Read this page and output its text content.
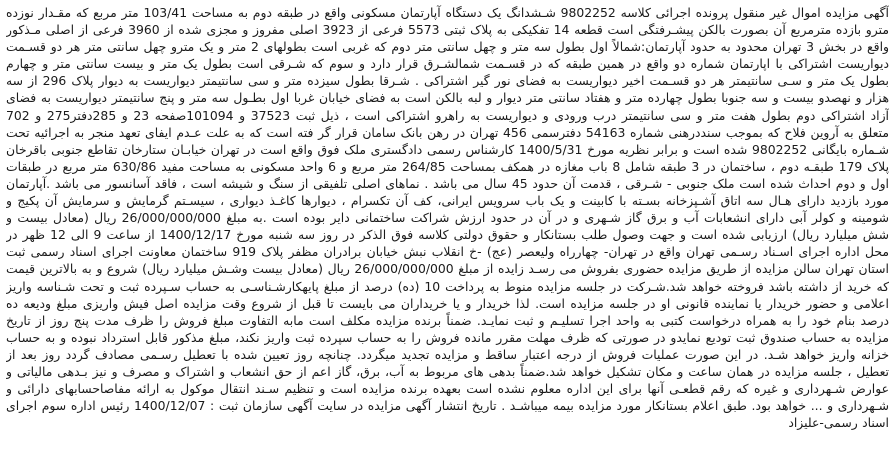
آگهی مزایده اموال غیر منقول پرونده اجرائی کلاسه 9802252 شـشدانگ یک دستگاه آپارتمان مسکونی واقع در طبقه دوم به مساحت 103/41 متر مربع که مقـدار نوزده مترو بازده مترمربع آن بصورت بالکن پیشـرفتگی است قطعه 14 تفکیکی به پلاک ثبتی 5573 فرعی از 3923 اصلی مفروز و مجزی شده از 3960 فرعی از اصلی مـذکور واقع در بخش 3 تهران محدود به حدود آپارتمان:شمالاً اول بطول سه متر و چهل سانتی متر دوم که غربی است بطولهای 2 متر و یک مترو چهل سانتی متر هر دو قسـمت دیواریست اشتراکی با اپارتمان شماره دو واقع در همین طبقه که در قسـمت شمالشـرق قرار دارد و سوم که شـرقی است بطول یک متر و بیست سانتی متر و چهارم بطول یک متر و سـی سانتیمتر هر دو قسـمت اخیر دیواریست به فضای نور گیر اشتراکی . شـرقا بطول سیزده متر و سی سانتیمتر دیواریست به دیوار پلاک 296 از سه هزار و نهصدو بیست و سه جنوبا بطول چهارده متر و هفتاد سانتی متر دیوار و لبه بالکن است به فضای خیابان غربا اول بطـول سه متر و پنج سانتیمتر دیواریست به فضای آزاد اشتراکی دوم بطول هفت متر و سی سانتیمتر درب ورودی و دیواریست به راهرو اشتراکی است ، ذیل ثبت 37523 و 101094صفحه 23 و 285دفتر275 و 702 متعلق به آروین فلاح که بموجب سنددرهنی شماره 54163 دفترسمی 456 تهران در رهن بانک سامان قرار گر فته است که به علت عـدم ایفای تعهد منجر به اجرائیه تحت شـماره بایگانی 9802252 شده است و برابر نظریه مورخ 1400/5/31 کارشناس رسمی دادگستری ملک فوق واقع است در تهران خیابـان ستارخان تقاطع جنوبی باقرخان پلاک 179 طبقـه دوم ، ساختمان در 3 طبقه شامل 8 باب مغازه در همکف بمساحت 264/85 متر مربع و 6 واحد مسکونی به مساحت مفید 630/86 متر مربع در طبقات اول و دوم احداث شده است ملک جنوبی - شـرقی ، قدمت آن حدود 45 سال می باشد . نماهای اصلی تلفیقی از سنگ و شیشه است ، فاقد آسانسور می باشد .آپارتمان مورد بازدید دارای هـال سه اتاق آشـپزخانه بسـته با کابینت و یک باب سرویس ایرانی، کف آن تکسرام ، دیوارها کاغـذ دیواری ، سیسـتم گرمایش و سرمایش آن پکیج و شومینه و کولر آبی دارای انشعابات آب و برق گاز شـهری و در آن در حدود ارزش شراکت ساختمانی دایر بوده است .به مبلغ 26/000/000/000 ریال (معادل بیست و شش میلیارد ریال) ارزیابی شده است و جهت وصول طلب بستانکار و حقوق دولتی کلاسه فوق الذکر در روز سه شنبه مورخ 1400/12/17 از ساعت 9 الی 12 ظهر در محل اداره اجرای اسـناد رسـمی تهران واقع در تهران- چهارراه ولیعصر (عج) -خ انقلاب نبش خیابان برادران مظفر پلاک 919 ساختمان معاونت اجرای اسناد رسمی ثبت استان تهران سالن مزایده از طریق مزایده حضوری بفروش می رسـد زایده از مبلغ 26/000/000/000 ریال (معادل بیست وشـش میلیارد ریال) شروع و به بالاترین قیمت که خرید از داشته باشد فروخته خواهد شد.شـرکت در جلسه مزایده منوط به پرداخت 10 (ده) درصد از مبلغ پایهکارشـناسـی به حساب سـپرده ثبت و تحت شـناسه واریز اعلامی و حضور خریدار یا نماینده قانونی او در جلسه مزایده است. لذا خریدار و یا خریداران می بایست تا قبل از شروع وقت مزایده اصل فیش واریزی مبلغ ودیعه ده درصد بنام خود را به همراه درخواست کتبی به واحد اجرا تسلیـم و ثبت نمایـد. ضمناً برنده مزایده مکلف است مابه التفاوت مبلغ فروش را ظرف مدت پنج روز از تاریخ مزایده به حساب صندوق ثبت تودیع نمایدو در صورتی که ظرف مهلت مقرر مانده فروش را به حساب سپرده ثبت واریز نکند، مبلغ مذکور قابل استرداد نبوده و به حساب خزانه واریز خواهد شـد. در این صورت عملیات فروش از درجه اعتبار ساقط و مزایده تجدید میگردد. چنانچه روز تعیین شده با تعطیل رسـمی مصادف گردد روز بعد از تعطیل ، جلسه مزایده در همان ساعت و مکان تشکیل خواهد شد.ضمناً بدهی های مربوط به آب، برق، گاز اعم از حق انشعاب و اشتراک و مصرف و نیز بـدهی مالیاتی و عوارض شـهرداری و غیره که رقم قطعـی آنها برای این اداره معلوم نشده است بعهده برنده مزایده است و تنظیم سـند انتقال موکول به ارائه مفاصاحسابهای دارائی و شـهرداری و ... خواهد بود. طبق اعلام بستانکار مورد مزایده بیمه میباشـد . تاریخ انتشار آگهی مزایده در سایت آگهی سازمان ثبت : 1400/12/07 رئیس اداره سوم اجرای اسناد رسمی-علیزاد
